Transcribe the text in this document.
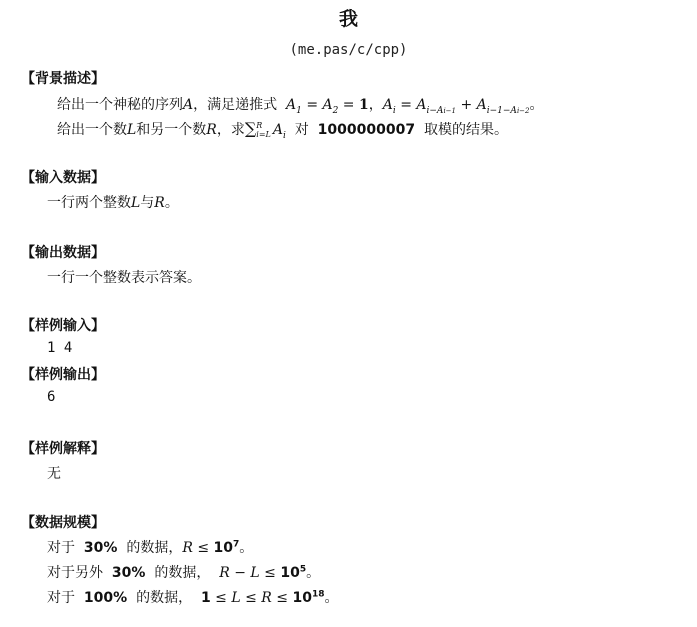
我
(me.pas/c/cpp)
【背景描述】
给出一个神秘的序列A，满足递推式  $A_1 = A_2 = 1$，$A_i = A_{i-Ai-1} + A_{i-1-Ai-2}$。
给出一个数L和另一个数R，求∑R
i=L $A_i$ 对 1000000007 取模的结果。
【输入数据】
一行两个整数L与R。
【输出数据】
一行一个整数表示答案。
【样例输入】
1 4
【样例输出】
6
【样例解释】
无
【数据规模】
对于 30% 的数据，$R \le 10^7$。
对于另外 30% 的数据， $R - L \le 10^5$。
对于 100% 的数据， $1 \le L \le R \le 10^{18}$。
